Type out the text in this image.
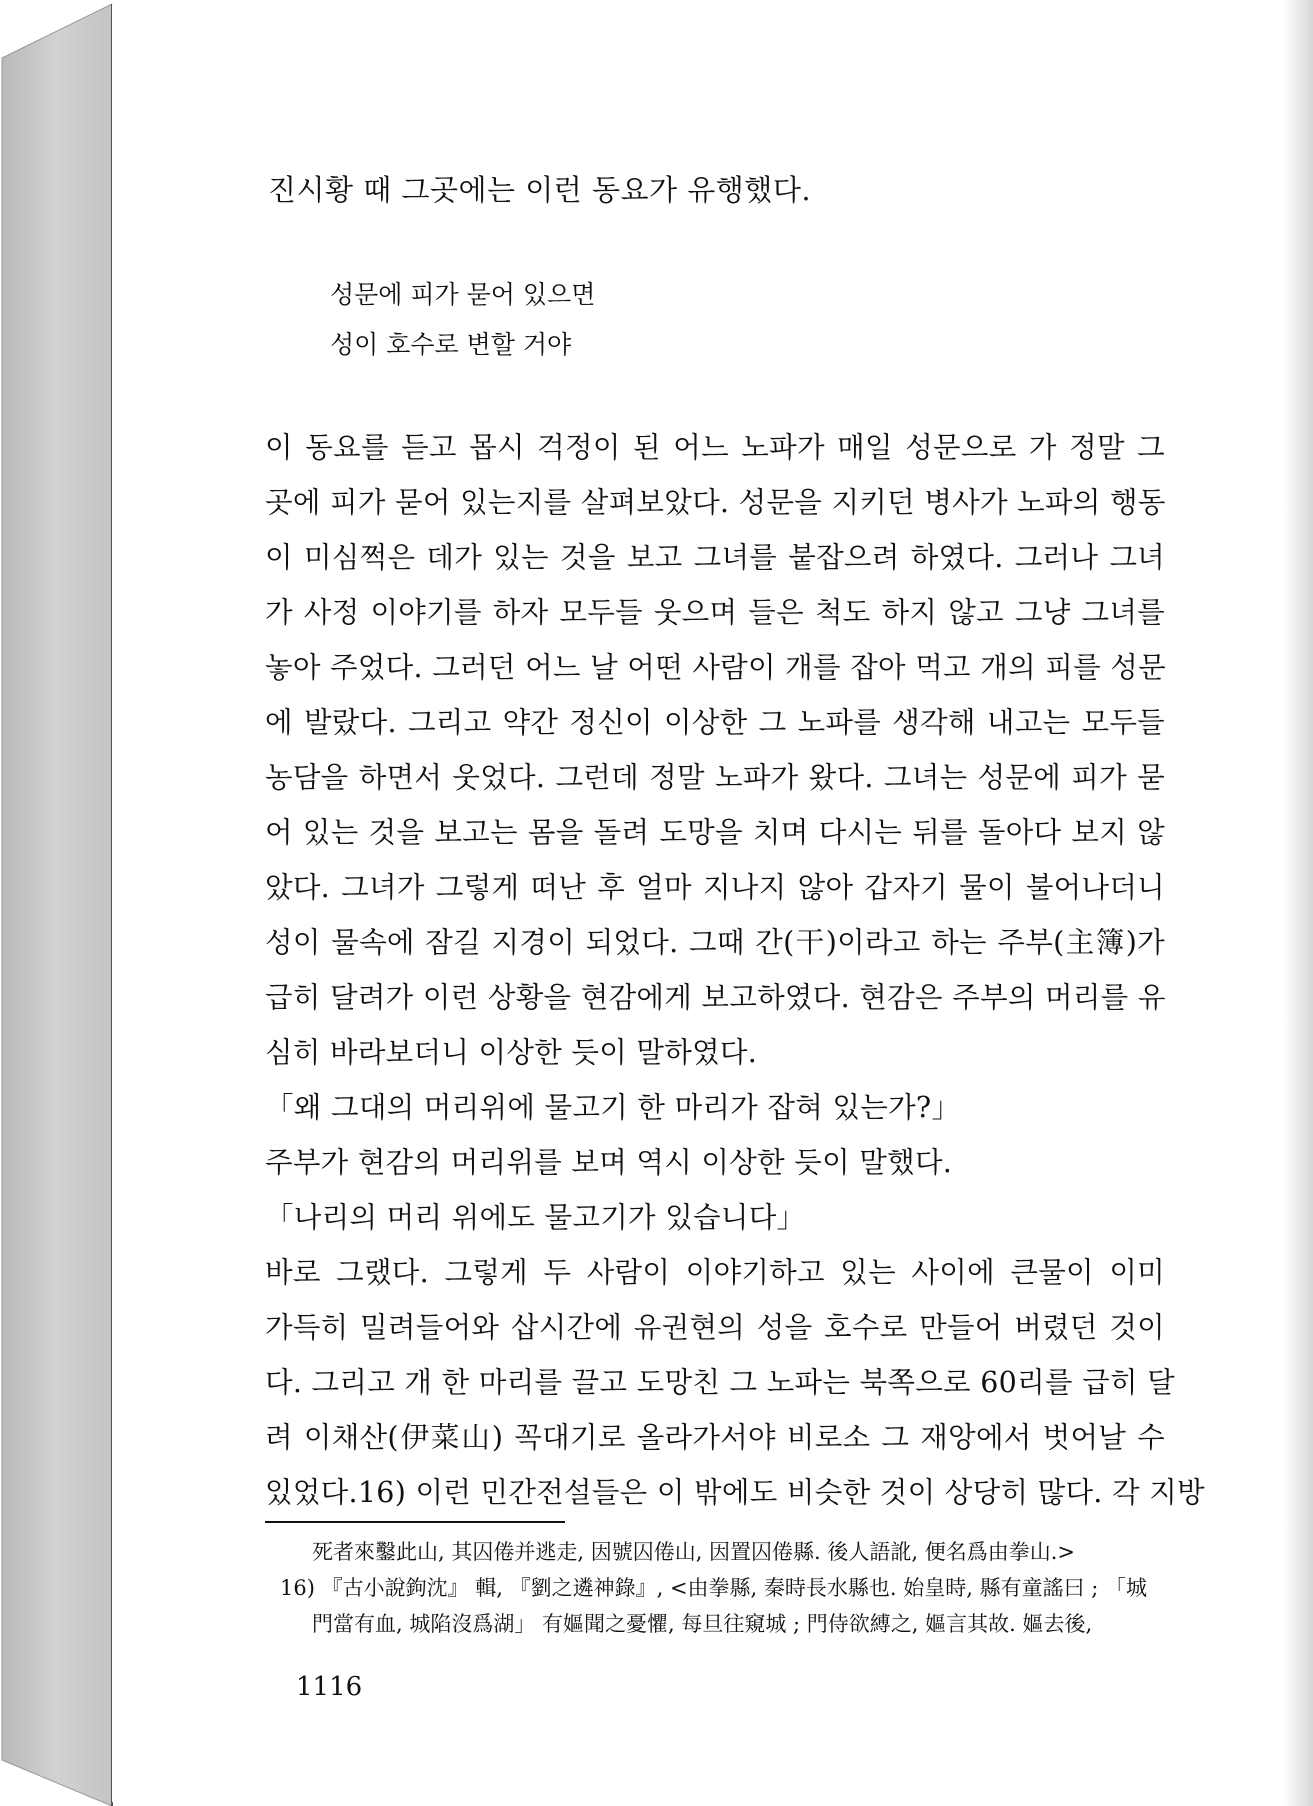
진시황 때 그곳에는 이런 동요가 유행했다.
성문에 피가 묻어 있으면
성이 호수로 변할 거야
이 동요를 듣고 몹시 걱정이 된 어느 노파가 매일 성문으로 가 정말 그
곳에 피가 묻어 있는지를 살펴보았다. 성문을 지키던 병사가 노파의 행동
이 미심쩍은 데가 있는 것을 보고 그녀를 붙잡으려 하였다. 그러나 그녀
가 사정 이야기를 하자 모두들 웃으며 들은 척도 하지 않고 그냥 그녀를
놓아 주었다. 그러던 어느 날 어떤 사람이 개를 잡아 먹고 개의 피를 성문
에 발랐다. 그리고 약간 정신이 이상한 그 노파를 생각해 내고는 모두들
농담을 하면서 웃었다. 그런데 정말 노파가 왔다. 그녀는 성문에 피가 묻
어 있는 것을 보고는 몸을 돌려 도망을 치며 다시는 뒤를 돌아다 보지 않
았다. 그녀가 그렇게 떠난 후 얼마 지나지 않아 갑자기 물이 불어나더니
성이 물속에 잠길 지경이 되었다. 그때 간(干)이라고 하는 주부(主簿)가
급히 달려가 이런 상황을 현감에게 보고하였다. 현감은 주부의 머리를 유
심히 바라보더니 이상한 듯이 말하였다.
「왜 그대의 머리위에 물고기 한 마리가 잡혀 있는가?」
주부가 현감의 머리위를 보며 역시 이상한 듯이 말했다.
「나리의 머리 위에도 물고기가 있습니다」
바로 그랬다. 그렇게 두 사람이 이야기하고 있는 사이에 큰물이 이미
가득히 밀려들어와 삽시간에 유권현의 성을 호수로 만들어 버렸던 것이
다. 그리고 개 한 마리를 끌고 도망친 그 노파는 북쪽으로 60리를 급히 달
려 이채산(伊菜山) 꼭대기로 올라가서야 비로소 그 재앙에서 벗어날 수
있었다.16) 이런 민간전설들은 이 밖에도 비슷한 것이 상당히 많다. 각 지방
死者來鑿此山, 其囚倦并逃走, 因號囚倦山, 因置囚倦縣. 後人語訛, 便名爲由拳山.>
16) 『古小說鉤沈』 輯, 『劉之遴神錄』, <由拳縣, 秦時長水縣也. 始皇時, 縣有童謠曰 ; 「城
門當有血, 城陷沒爲湖」 有嫗聞之憂懼, 每旦往窺城 ; 門侍欲縛之, 嫗言其故. 嫗去後,
1116
